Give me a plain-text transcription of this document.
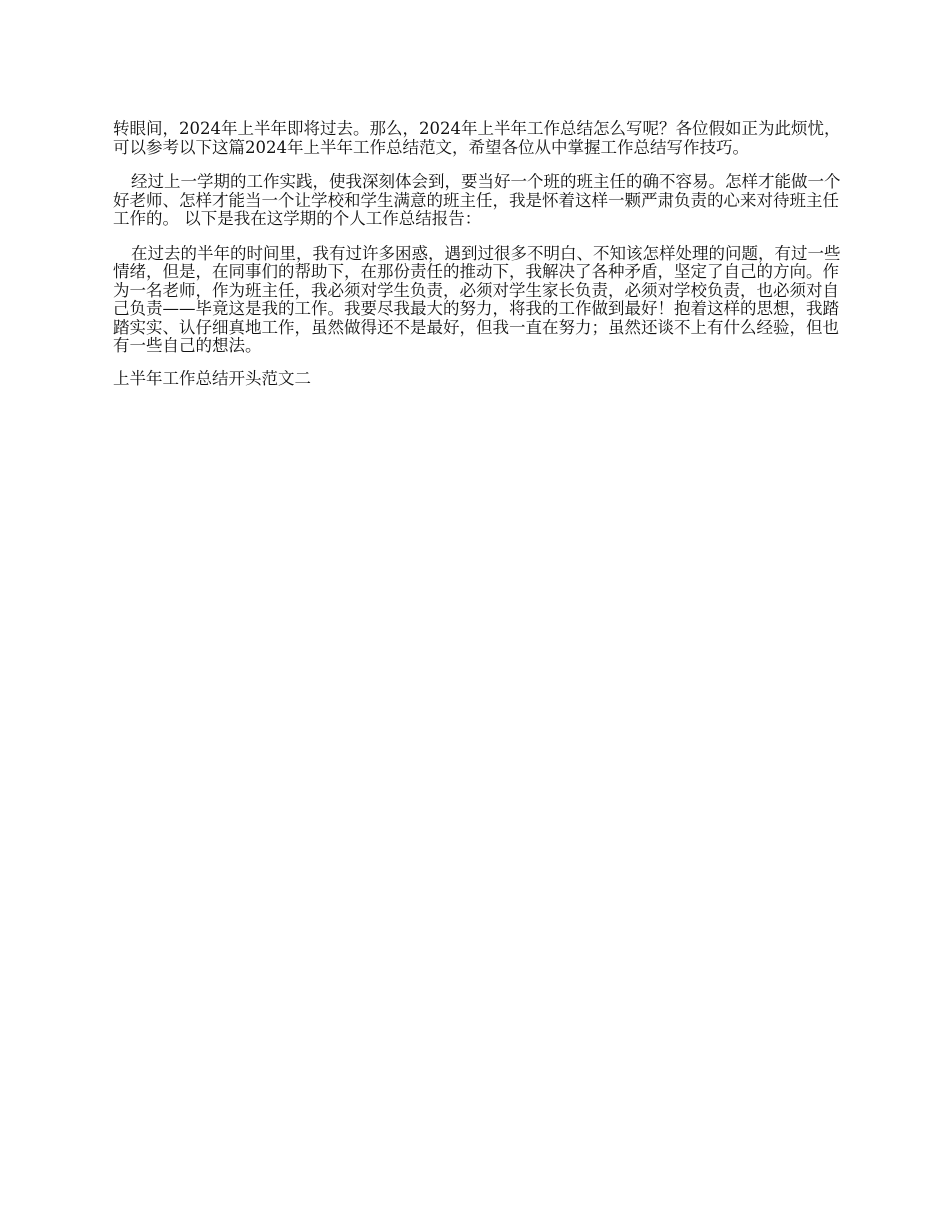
转眼间，2024年上半年即将过去。那么，2024年上半年工作总结怎么写呢？各位假如正为此烦忧，可以参考以下这篇2024年上半年工作总结范文，希望各位从中掌握工作总结写作技巧。

经过上一学期的工作实践，使我深刻体会到，要当好一个班的班主任的确不容易。怎样才能做一个好老师、怎样才能当一个让学校和学生满意的班主任，我是怀着这样一颗严肃负责的心来对待班主任工作的。 以下是我在这学期的个人工作总结报告：

在过去的半年的时间里，我有过许多困惑，遇到过很多不明白、不知该怎样处理的问题，有过一些情绪，但是，在同事们的帮助下，在那份责任的推动下，我解决了各种矛盾，坚定了自己的方向。作为一名老师，作为班主任，我必须对学生负责，必须对学生家长负责，必须对学校负责，也必须对自己负责——毕竟这是我的工作。我要尽我最大的努力，将我的工作做到最好！抱着这样的思想，我踏踏实实、认仔细真地工作，虽然做得还不是最好，但我一直在努力；虽然还谈不上有什么经验，但也有一些自己的想法。

上半年工作总结开头范文二
